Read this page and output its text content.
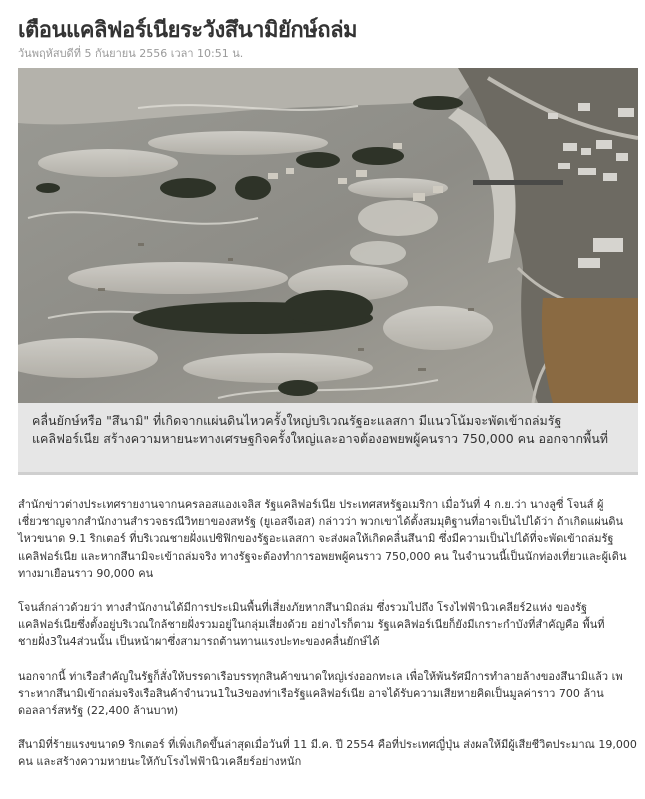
เตือนแคลิฟอร์เนียระวังสึนามิยักษ์ถล่ม
วันพฤหัสบดีที่ 5 กันยายน 2556 เวลา 10:51 น.
คลื่นยักษ์หรือ "สึนามิ" ที่เกิดจากแผ่นดินไหวครั้งใหญ่บริเวณรัฐอะแลสกา มีแนวโน้มจะพัดเข้าถล่มรัฐแคลิฟอร์เนีย สร้างความหายนะทางเศรษฐกิจครั้งใหญ่และอาจต้องอพยพผู้คนราว 750,000 คน ออกจากพื้นที่

สำนักข่าวต่างประเทศรายงานจากนครลอสแองเจลิส รัฐแคลิฟอร์เนีย ประเทศสหรัฐอเมริกา เมื่อวันที่ 4 ก.ย.ว่า นางลูซี่ โจนส์ ผู้เชี่ยวชาญจากสำนักงานสำรวจธรณีวิทยาของสหรัฐ (ยูเอสจีเอส) กล่าวว่า พวกเขาได้ตั้งสมมุติฐานที่อาจเป็นไปได้ว่า ถ้าเกิดแผ่นดินไหวขนาด 9.1 ริกเตอร์ ที่บริเวณชายฝั่งแปซิฟิกของรัฐอะแลสกา จะส่งผลให้เกิดคลื่นสึนามิ ซึ่งมีความเป็นไปได้ที่จะพัดเข้าถล่มรัฐแคลิฟอร์เนีย และหากสึนามิจะเข้าถล่มจริง ทางรัฐจะต้องทำการอพยพผู้คนราว 750,000 คน ในจำนวนนี้เป็นนักท่องเที่ยวและผู้เดินทางมาเยือนราว 90,000 คน

โจนส์กล่าวด้วยว่า ทางสำนักงานได้มีการประเมินพื้นที่เสี่ยงภัยหากสึนามิถล่ม ซึ่งรวมไปถึง โรงไฟฟ้านิวเคลียร์2แห่ง ของรัฐแคลิฟอร์เนียซึ่งตั้งอยู่บริเวณใกล้ชายฝั่งรวมอยู่ในกลุ่มเสี่ยงด้วย อย่างไรก็ตาม รัฐแคลิฟอร์เนียก็ยังมีเกราะกำบังที่สำคัญคือ พื้นที่ชายฝั่ง3ใน4ส่วนนั้น เป็นหน้าผาซึ่งสามารถต้านทานแรงปะทะของคลื่นยักษ์ได้

นอกจากนี้ ท่าเรือสำคัญในรัฐก็สั่งให้บรรดาเรือบรรทุกสินค้าขนาดใหญ่เร่งออกทะเล เพื่อให้พ้นรัศมีการทำลายล้างของสึนามิแล้ว เพราะหากสึนามิเข้าถล่มจริงเรือสินค้าจำนวน1ใน3ของท่าเรือรัฐแคลิฟอร์เนีย อาจได้รับความเสียหายคิดเป็นมูลค่าราว 700 ล้านดอลลาร์สหรัฐ (22,400 ล้านบาท)

สึนามิที่ร้ายแรงขนาด9 ริกเตอร์ ที่เพิ่งเกิดขึ้นล่าสุดเมื่อวันที่ 11 มี.ค. ปี 2554 คือที่ประเทศญี่ปุ่น ส่งผลให้มีผู้เสียชีวิตประมาณ 19,000 คน และสร้างความหายนะให้กับโรงไฟฟ้านิวเคลียร์อย่างหนัก
